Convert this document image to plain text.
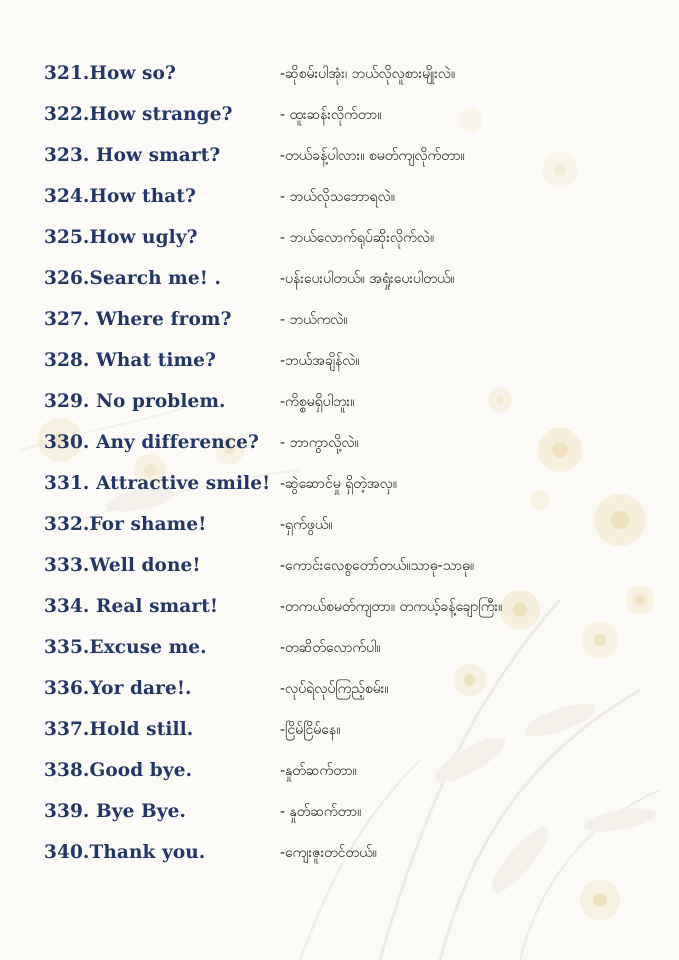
321.How so?	-ဆိုစမ်းပါအုံး၊ ဘယ်လိုလူစားမျိုးလဲ။
322.How strange?	- ထူးဆန်းလိုက်တာ။
323. How smart?	-တယ်ခန့်ပါလား။ စမတ်ကျလိုက်တာ။
324.How that?	- ဘယ်လိုသဘောရလဲ။
325.How ugly?	- ဘယ်လောက်ရုပ်ဆိုးလိုက်လဲ။
326.Search me! .	-ပန်းပေးပါတယ်။ အရှုံးပေးပါတယ်။
327. Where from?	- ဘယ်ကလဲ။
328. What time?	-ဘယ်အချိန်လဲ။
329. No problem.	-ကိစ္စမရှိပါဘူး။
330. Any difference? - ဘာကွာလို့လဲ။
331. Attractive smile! -ဆွဲဆောင်မှု ရှိတဲ့အလှ။
332.For shame!	-ရှက်ဖွယ်။
333.Well done!	-ကောင်းလေစွတော်တယ်။သာဓု-သာဓု။
334. Real smart!	-တကယ်စမတ်ကျတာ။ တကယ့်ခန့်ချောကြီး။
335.Excuse me.	-တဆိတ်လောက်ပါ။
336.Yor dare!.	-လုပ်ရဲလုပ်ကြည့်စမ်း။
337.Hold still.	-ငြိမ်ငြိမ်နေ။
338.Good bye.	-နှုတ်ဆက်တာ။
339. Bye Bye.	- နှုတ်ဆက်တာ။
340.Thank you.	-ကျေးဇူးတင်တယ်။
